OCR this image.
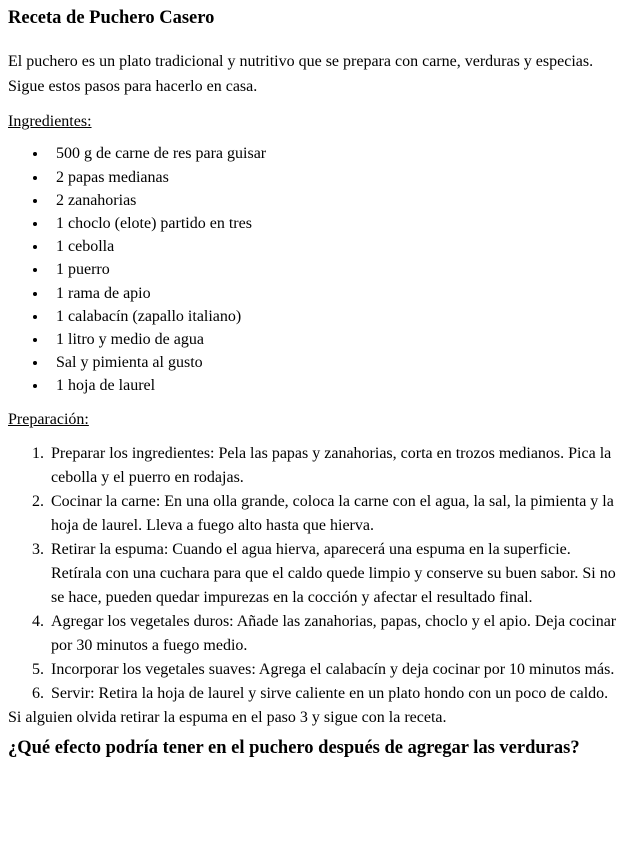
Receta de Puchero Casero

El puchero es un plato tradicional y nutritivo que se prepara con carne, verduras y especias. Sigue estos pasos para hacerlo en casa.

Ingredientes:

• 500 g de carne de res para guisar
• 2 papas medianas
• 2 zanahorias
• 1 choclo (elote) partido en tres
• 1 cebolla
• 1 puerro
• 1 rama de apio
• 1 calabacín (zapallo italiano)
• 1 litro y medio de agua
• Sal y pimienta al gusto
• 1 hoja de laurel

Preparación:

1. Preparar los ingredientes: Pela las papas y zanahorias, corta en trozos medianos. Pica la cebolla y el puerro en rodajas.
2. Cocinar la carne: En una olla grande, coloca la carne con el agua, la sal, la pimienta y la hoja de laurel. Lleva a fuego alto hasta que hierva.
3. Retirar la espuma: Cuando el agua hierva, aparecerá una espuma en la superficie. Retírala con una cuchara para que el caldo quede limpio y conserve su buen sabor. Si no se hace, pueden quedar impurezas en la cocción y afectar el resultado final.
4. Agregar los vegetales duros: Añade las zanahorias, papas, choclo y el apio. Deja cocinar por 30 minutos a fuego medio.
5. Incorporar los vegetales suaves: Agrega el calabacín y deja cocinar por 10 minutos más.
6. Servir: Retira la hoja de laurel y sirve caliente en un plato hondo con un poco de caldo.

Si alguien olvida retirar la espuma en el paso 3 y sigue con la receta.

¿Qué efecto podría tener en el puchero después de agregar las verduras?
